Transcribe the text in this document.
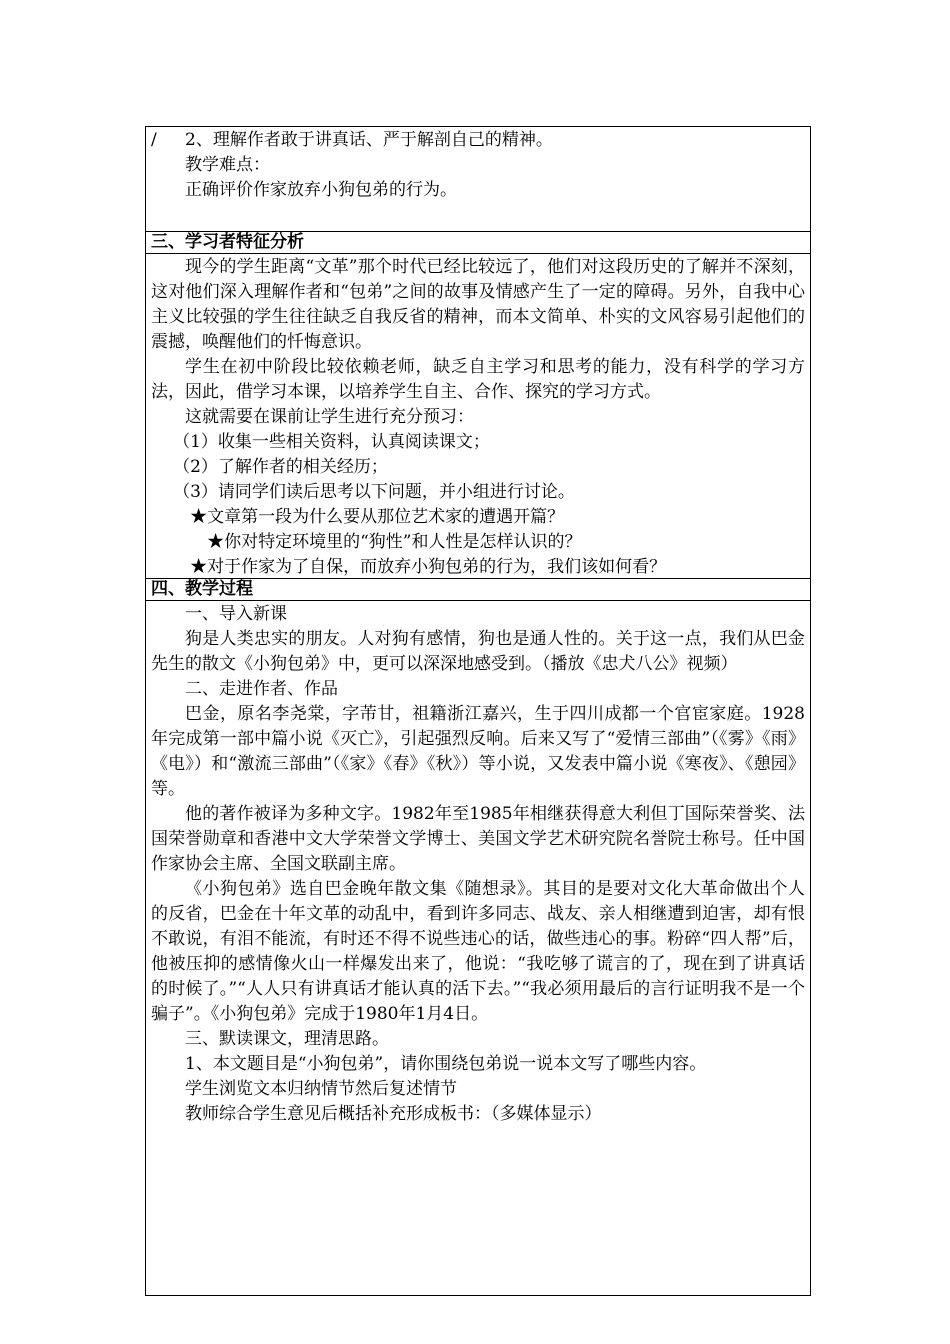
/ 2、理解作者敢于讲真话、严于解剖自己的精神。
教学难点：
正确评价作家放弃小狗包弟的行为。
三、学习者特征分析
现今的学生距离“文革”那个时代已经比较远了，他们对这段历史的了解并不深刻，这对他们深入理解作者和“包弟”之间的故事及情感产生了一定的障碍。另外，自我中心主义比较强的学生往往缺乏自我反省的精神，而本文简单、朴实的文风容易引起他们的震撼，唤醒他们的忏悔意识。
学生在初中阶段比较依赖老师，缺乏自主学习和思考的能力，没有科学的学习方法，因此，借学习本课，以培养学生自主、合作、探究的学习方式。
这就需要在课前让学生进行充分预习：
（1）收集一些相关资料，认真阅读课文；
（2）了解作者的相关经历；
（3）请同学们读后思考以下问题，并小组进行讨论。
★文章第一段为什么要从那位艺术家的遭遇开篇？
★你对特定环境里的“狗性”和人性是怎样认识的？
★对于作家为了自保，而放弃小狗包弟的行为，我们该如何看？
四、教学过程
一、导入新课
狗是人类忠实的朋友。人对狗有感情，狗也是通人性的。关于这一点，我们从巴金先生的散文《小狗包弟》中，更可以深深地感受到。（播放《忠犬八公》视频）
二、走进作者、作品
巴金，原名李尧棠，字芾甘，祖籍浙江嘉兴，生于四川成都一个官宦家庭。1928年完成第一部中篇小说《灭亡》，引起强烈反响。后来又写了“爱情三部曲”（《雾》《雨》《电》）和“激流三部曲”（《家》《春》《秋》）等小说，又发表中篇小说《寒夜》、《憩园》等。
他的著作被译为多种文字。1982年至1985年相继获得意大利但丁国际荣誉奖、法国荣誉勋章和香港中文大学荣誉文学博士、美国文学艺术研究院名誉院士称号。任中国作家协会主席、全国文联副主席。
《小狗包弟》选自巴金晚年散文集《随想录》。其目的是要对文化大革命做出个人的反省，巴金在十年文革的动乱中，看到许多同志、战友、亲人相继遭到迫害，却有恨不敢说，有泪不能流，有时还不得不说些违心的话，做些违心的事。粉碎“四人帮”后，他被压抑的感情像火山一样爆发出来了，他说：“我吃够了谎言的了，现在到了讲真话的时候了。”“人人只有讲真话才能认真的活下去。”“我必须用最后的言行证明我不是一个骗子”。《小狗包弟》完成于1980年1月4日。
三、默读课文，理清思路。
1、本文题目是“小狗包弟”，请你围绕包弟说一说本文写了哪些内容。
学生浏览文本归纳情节然后复述情节
教师综合学生意见后概括补充形成板书：（多媒体显示）
